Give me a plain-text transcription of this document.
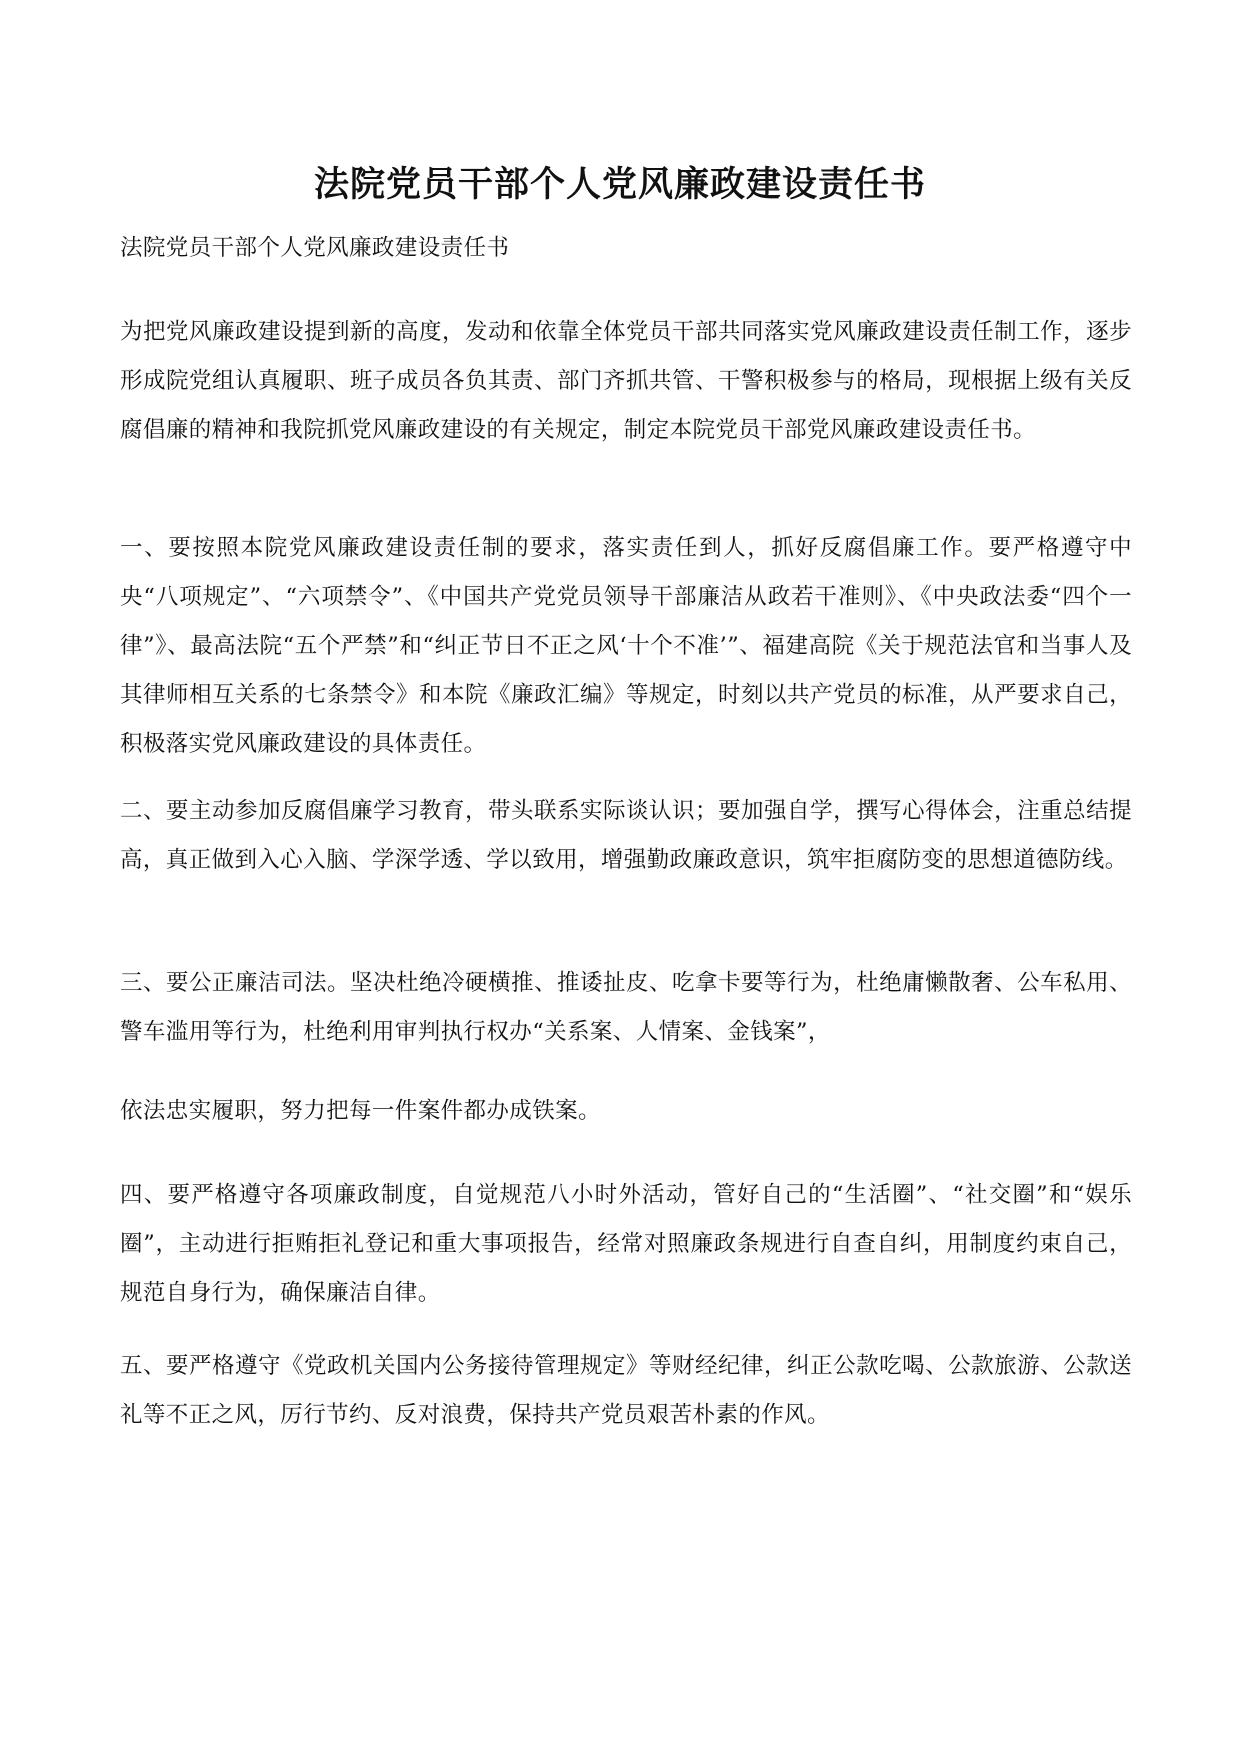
法院党员干部个人党风廉政建设责任书

法院党员干部个人党风廉政建设责任书

为把党风廉政建设提到新的高度，发动和依靠全体党员干部共同落实党风廉政建设责任制工作，逐步形成院党组认真履职、班子成员各负其责、部门齐抓共管、干警积极参与的格局，现根据上级有关反腐倡廉的精神和我院抓党风廉政建设的有关规定，制定本院党员干部党风廉政建设责任书。

一、要按照本院党风廉政建设责任制的要求，落实责任到人，抓好反腐倡廉工作。要严格遵守中央“八项规定”、“六项禁令”、《中国共产党党员领导干部廉洁从政若干准则》、《中央政法委“四个一律”》、最高法院“五个严禁”和“纠正节日不正之风‘十个不准’”、福建高院《关于规范法官和当事人及其律师相互关系的七条禁令》和本院《廉政汇编》等规定，时刻以共产党员的标准，从严要求自己，积极落实党风廉政建设的具体责任。

二、要主动参加反腐倡廉学习教育，带头联系实际谈认识；要加强自学，撰写心得体会，注重总结提高，真正做到入心入脑、学深学透、学以致用，增强勤政廉政意识，筑牢拒腐防变的思想道德防线。

三、要公正廉洁司法。坚决杜绝冷硬横推、推诿扯皮、吃拿卡要等行为，杜绝庸懒散奢、公车私用、警车滥用等行为，杜绝利用审判执行权办“关系案、人情案、金钱案”，

依法忠实履职，努力把每一件案件都办成铁案。

四、要严格遵守各项廉政制度，自觉规范八小时外活动，管好自己的“生活圈”、“社交圈”和“娱乐圈”，主动进行拒贿拒礼登记和重大事项报告，经常对照廉政条规进行自查自纠，用制度约束自己，规范自身行为，确保廉洁自律。

五、要严格遵守《党政机关国内公务接待管理规定》等财经纪律，纠正公款吃喝、公款旅游、公款送礼等不正之风，厉行节约、反对浪费，保持共产党员艰苦朴素的作风。
